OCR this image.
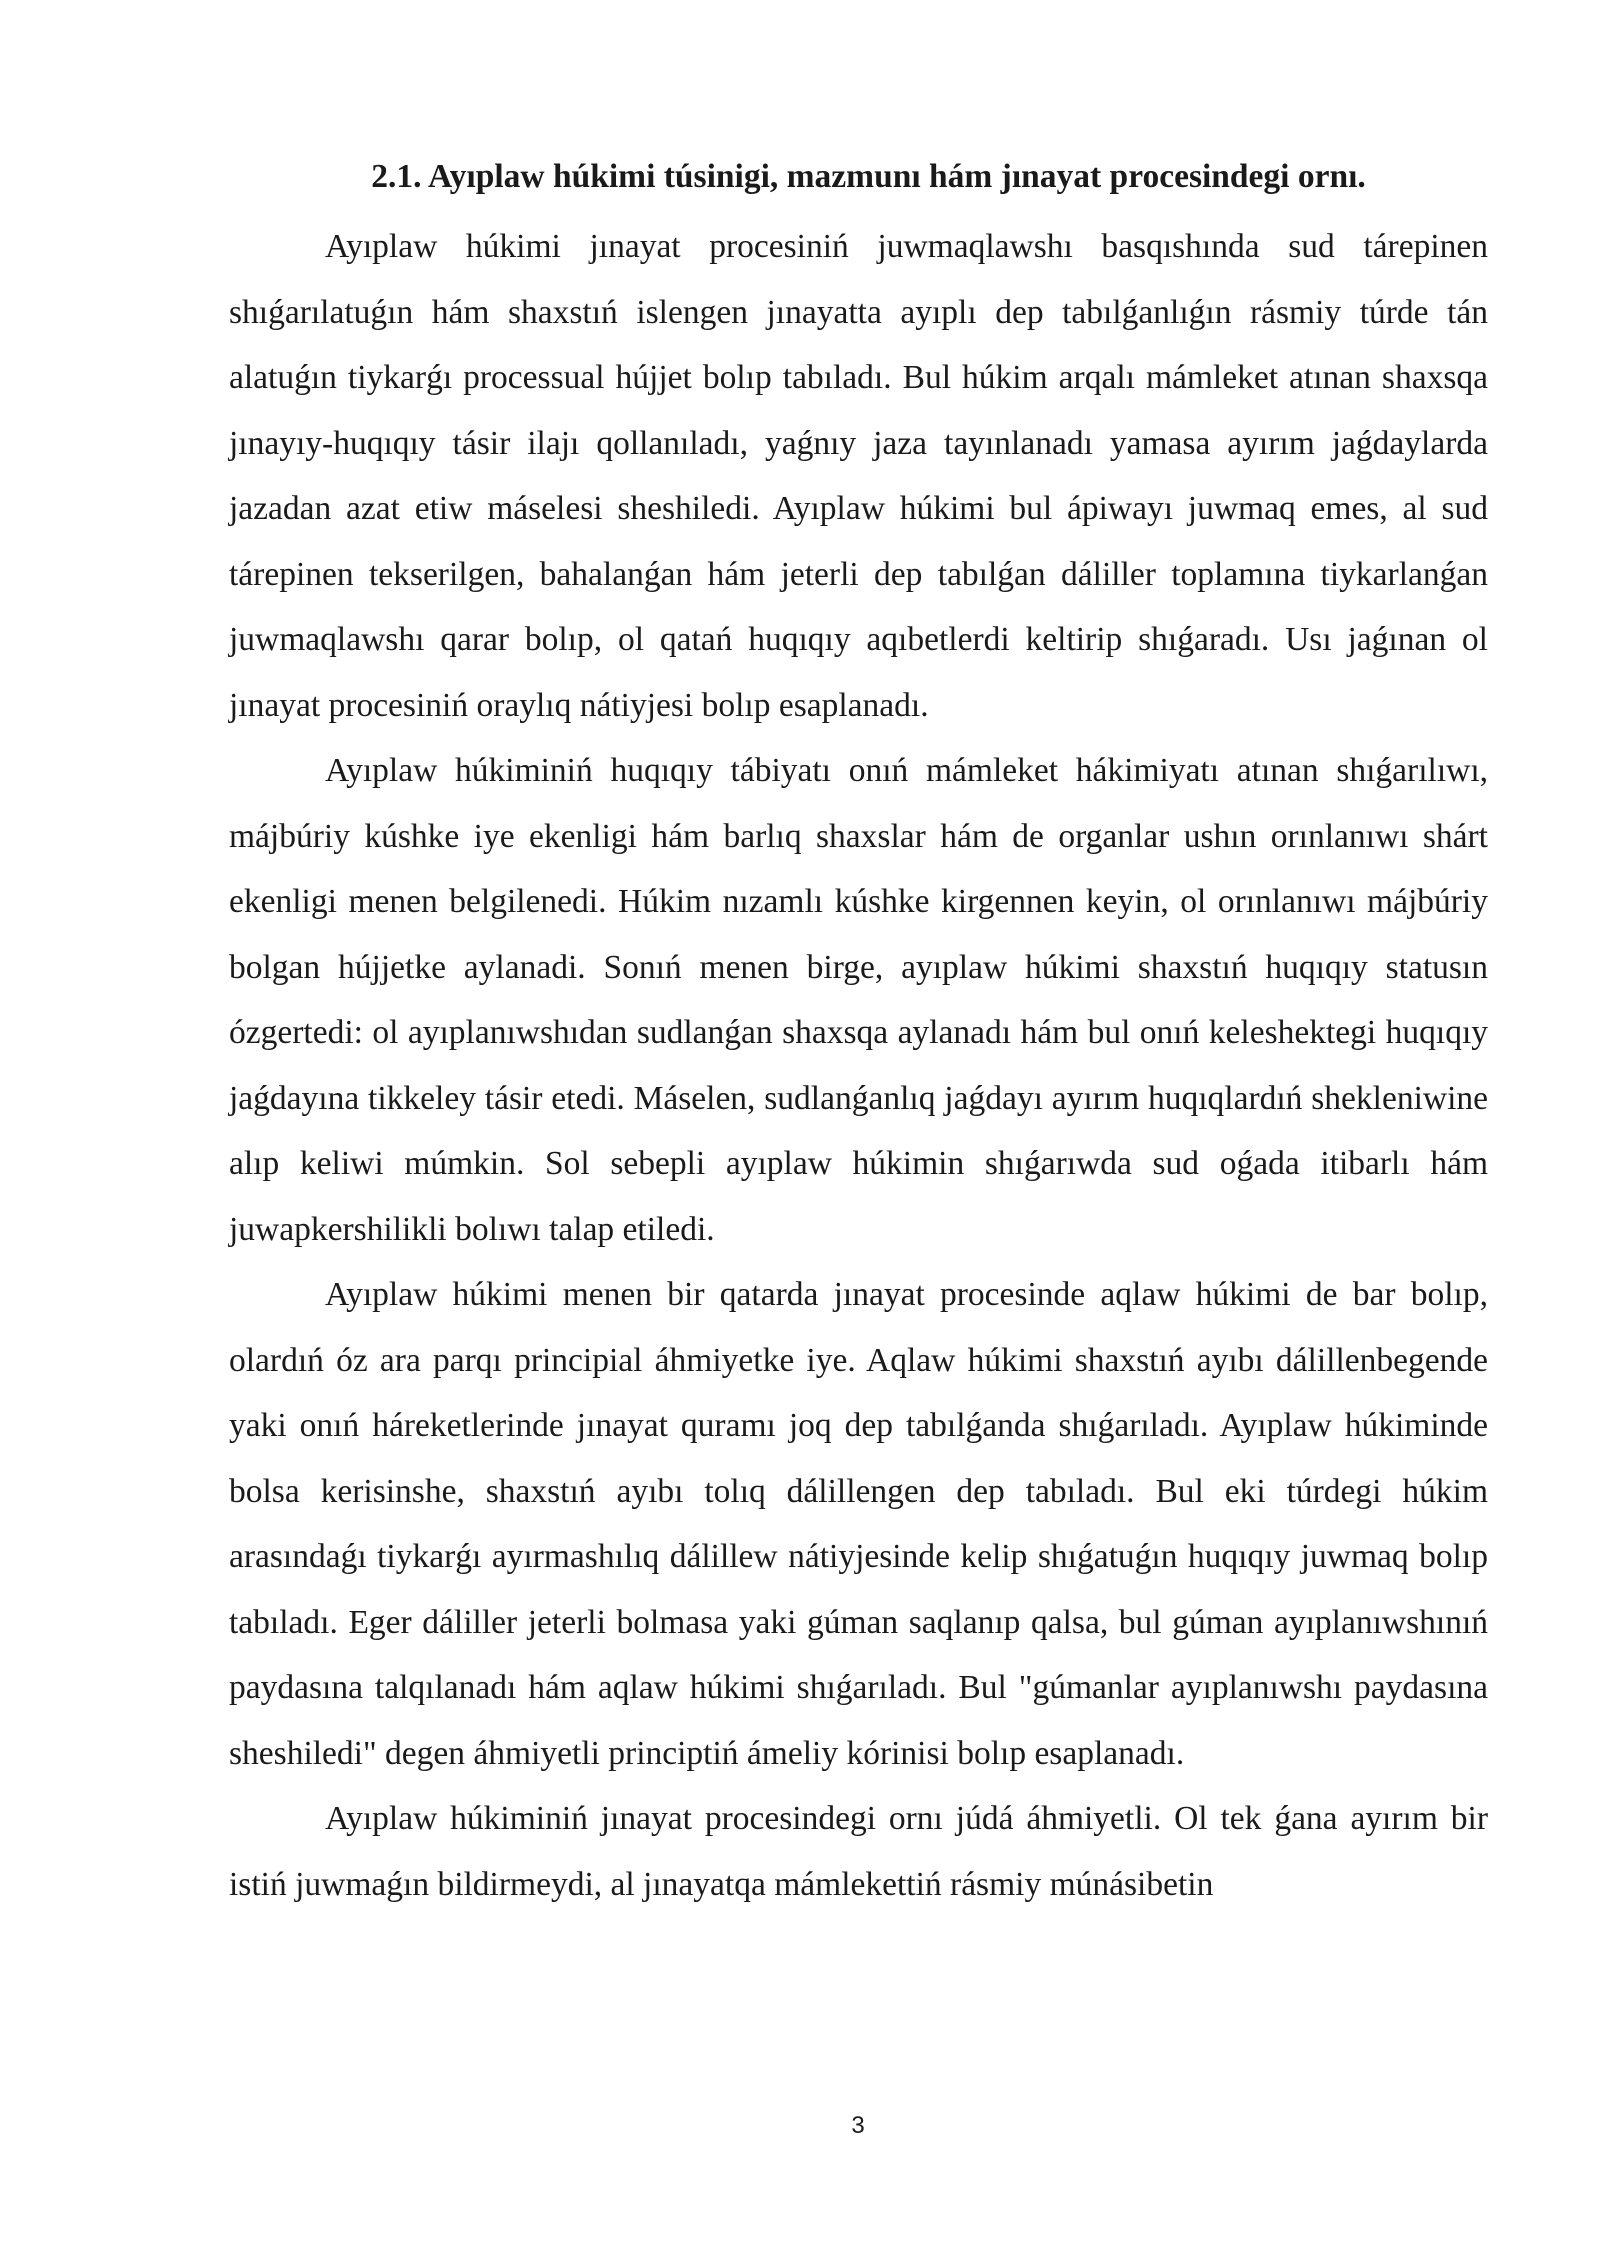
2.1. Ayıplaw húkimi túsinigi, mazmunı hám jınayat procesindegi ornı.

Ayıplaw húkimi jınayat procesiniń juwmaqlawshı basqıshında sud tárepinen shıǵarılatuǵın hám shaxstıń islengen jınayatta ayıplı dep tabılǵanlıǵın rásmiy túrde tán alatuǵın tiykarǵı processual hújjet bolıp tabıladı. Bul húkim arqalı mámleket atınan shaxsqa jınayıy-huqıqıy tásir ilajı qollanıladı, yaǵnıy jaza tayınlanadı yamasa ayırım jaǵdaylarda jazadan azat etiw máselesi sheshiledi. Ayıplaw húkimi bul ápiwayı juwmaq emes, al sud tárepinen tekserilgen, bahalanǵan hám jeterli dep tabılǵan dáliller toplamına tiykarlanǵan juwmaqlawshı qarar bolıp, ol qatań huqıqıy aqıbetlerdi keltirip shıǵaradı. Usı jaǵınan ol jınayat procesiniń oraylıq nátiyjesi bolıp esaplanadı.

Ayıplaw húkiminiń huqıqıy tábiyatı onıń mámleket hákimiyatı atınan shıǵarılıwı, májbúriy kúshke iye ekenligi hám barlıq shaxslar hám de organlar ushın orınlanıwı shárt ekenligi menen belgilenedi. Húkim nızamlı kúshke kirgennen keyin, ol orınlanıwı májbúriy bolgan hújjetke aylanadi. Sonıń menen birge, ayıplaw húkimi shaxstıń huqıqıy statusın ózgertedi: ol ayıplanıwshıdan sudlanǵan shaxsqa aylanadı hám bul onıń keleshektegi huqıqıy jaǵdayına tikkeley tásir etedi. Máselen, sudlanǵanlıq jaǵdayı ayırım huqıqlardıń shekleniwine alıp keliwi múmkin. Sol sebepli ayıplaw húkimin shıǵarıwda sud oǵada itibarlı hám juwapkershilikli bolıwı talap etiledi.

Ayıplaw húkimi menen bir qatarda jınayat procesinde aqlaw húkimi de bar bolıp, olardıń óz ara parqı principial áhmiyetke iye. Aqlaw húkimi shaxstıń ayıbı dálillenbegende yaki onıń háreketlerinde jınayat quramı joq dep tabılǵanda shıǵarıladı. Ayıplaw húkiminde bolsa kerisinshe, shaxstıń ayıbı tolıq dálillengen dep tabıladı. Bul eki túrdegi húkim arasındaǵı tiykarǵı ayırmashılıq dálillew nátiyjesinde kelip shıǵatuǵın huqıqıy juwmaq bolıp tabıladı. Eger dáliller jeterli bolmasa yaki gúman saqlanıp qalsa, bul gúman ayıplanıwshınıń paydasına talqılanadı hám aqlaw húkimi shıǵarıladı. Bul "gúmanlar ayıplanıwshı paydasına sheshiledi" degen áhmiyetli principtiń ámeliy kórinisi bolıp esaplanadı.

Ayıplaw húkiminiń jınayat procesindegi ornı júdá áhmiyetli. Ol tek ǵana ayırım bir istiń juwmaǵın bildirmeydi, al jınayatqa mámlekettiń rásmiy múnásibetin

3
